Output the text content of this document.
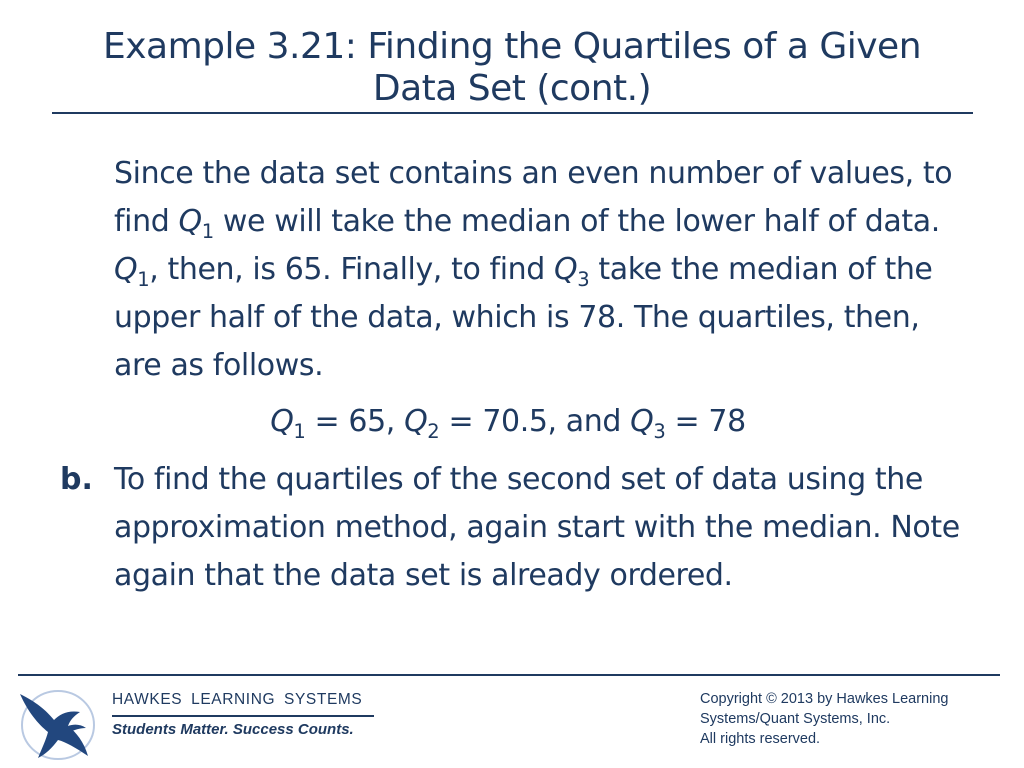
Example 3.21: Finding the Quartiles of a Given
Data Set (cont.)
Since the data set contains an even number of values, to find $Q_1$ we will take the median of the lower half of data. $Q_1$, then, is 65. Finally, to find $Q_3$ take the median of the upper half of the data, which is 78. The quartiles, then, are as follows.
$Q_1 = 65$, $Q_2 = 70.5$, and $Q_3 = 78$
b. To find the quartiles of the second set of data using the approximation method, again start with the median. Note again that the data set is already ordered.
HAWKES LEARNING SYSTEMS
Students Matter. Success Counts.
Copyright © 2013 by Hawkes Learning
Systems/Quant Systems, Inc.
All rights reserved.
